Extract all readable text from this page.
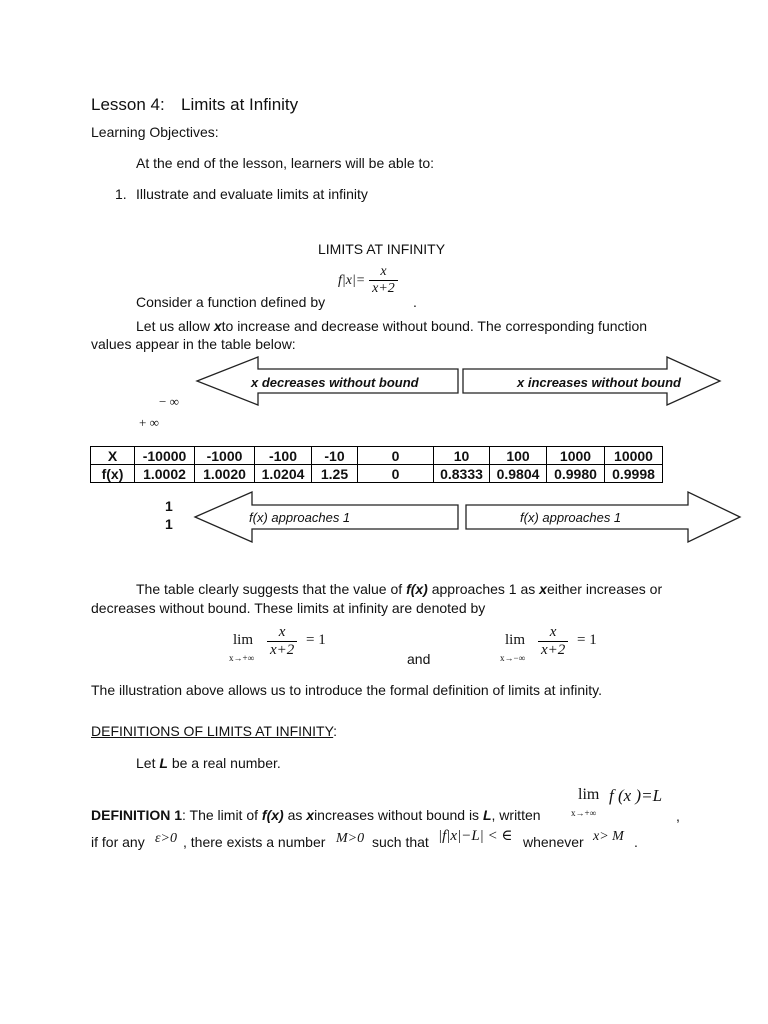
Lesson 4: Limits at Infinity
Learning Objectives:
At the end of the lesson, learners will be able to:
1. Illustrate and evaluate limits at infinity
LIMITS AT INFINITY
$f|x|= \frac{x}{x+2}$
Consider a function defined by	.
Let us allow xto increase and decrease without bound. The corresponding function
values appear in the table below:
x decreases without bound	x increases without bound
− ∞
+ ∞
X	-10000	-1000	-100	-10	0	10	100	1000	10000
f(x)	1.0002	1.0020	1.0204	1.25	0	0.8333	0.9804	0.9980	0.9998
1
1	f(x) approaches 1	f(x) approaches 1
The table clearly suggests that the value of f(x) approaches 1 as xeither increases or
decreases without bound. These limits at infinity are denoted by
lim
$x\to+\infty \frac{x}{x+2} = 1$
and
lim
$x\to-\infty \frac{x}{x+2} = 1$
The illustration above allows us to introduce the formal definition of limits at infinity.
DEFINITIONS OF LIMITS AT INFINITY:
Let L be a real number.
lim f (x )=L
x→+∞
DEFINITION 1: The limit of f(x) as xincreases without bound is L, written	,
if for any ε>0 , there exists a number M>0 such that |f|x|−L| < ∈ whenever x> M .
